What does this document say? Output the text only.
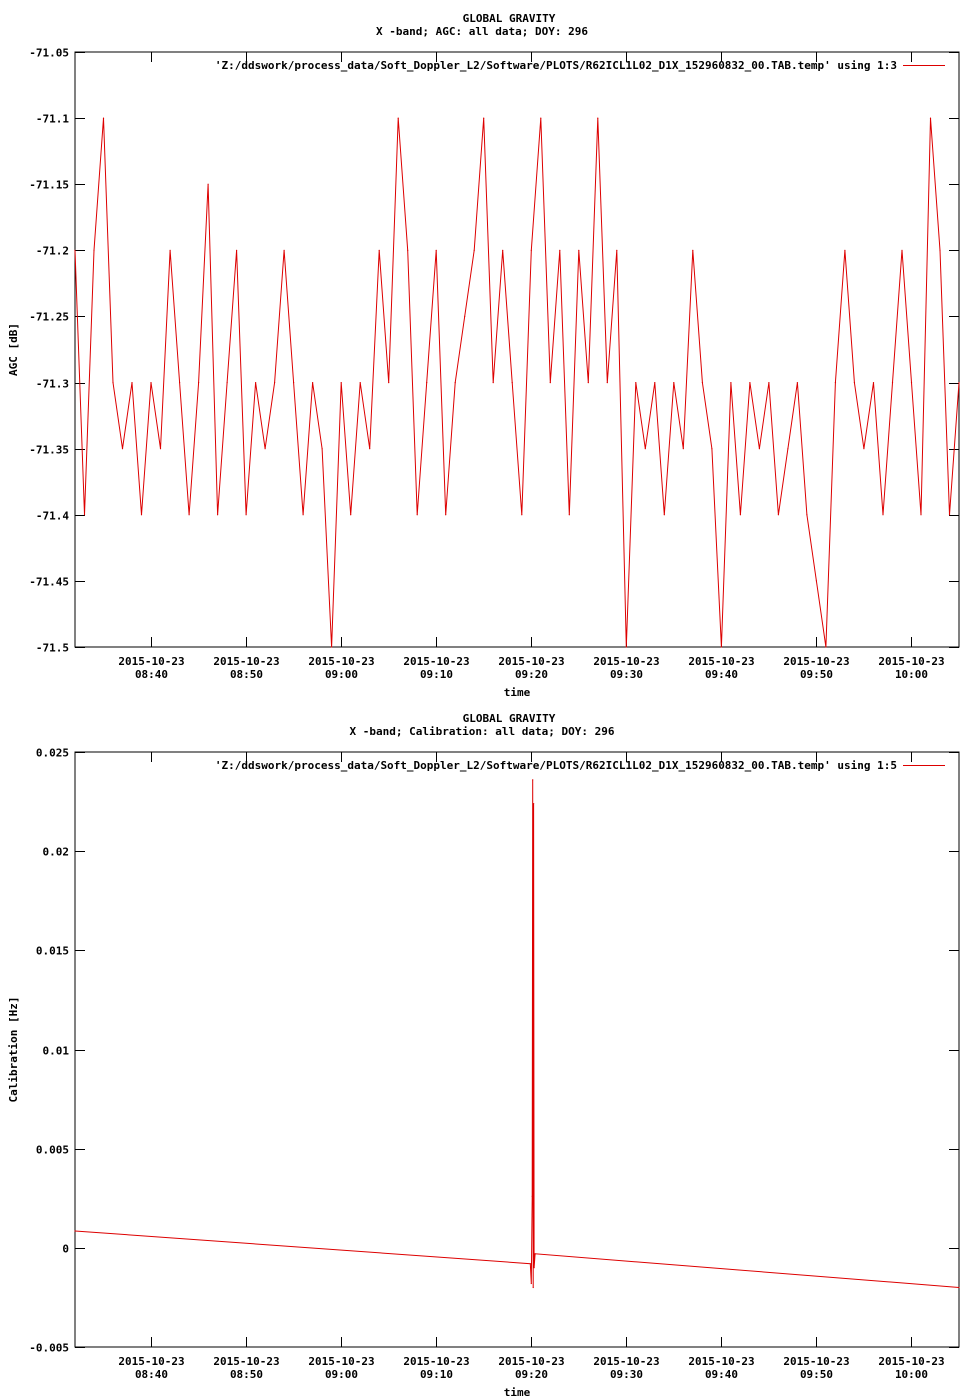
GLOBAL GRAVITY
X -band; AGC: all data; DOY: 296
-71.05
-71.1
-71.15
-71.2
-71.25
-71.3
-71.35
-71.4
-71.45
-71.5
2015-10-23
08:40
2015-10-23
08:50
2015-10-23
09:00
2015-10-23
09:10
2015-10-23
09:20
2015-10-23
09:30
2015-10-23
09:40
2015-10-23
09:50
2015-10-23
10:00
time
AGC [dB]
'Z:/ddswork/process_data/Soft_Doppler_L2/Software/PLOTS/R62ICL1L02_D1X_152960832_00.TAB.temp' using 1:3
GLOBAL GRAVITY
X -band; Calibration: all data; DOY: 296
0.025
0.02
0.015
0.01
0.005
0
-0.005
2015-10-23
08:40
2015-10-23
08:50
2015-10-23
09:00
2015-10-23
09:10
2015-10-23
09:20
2015-10-23
09:30
2015-10-23
09:40
2015-10-23
09:50
2015-10-23
10:00
time
Calibration [Hz]
'Z:/ddswork/process_data/Soft_Doppler_L2/Software/PLOTS/R62ICL1L02_D1X_152960832_00.TAB.temp' using 1:5
